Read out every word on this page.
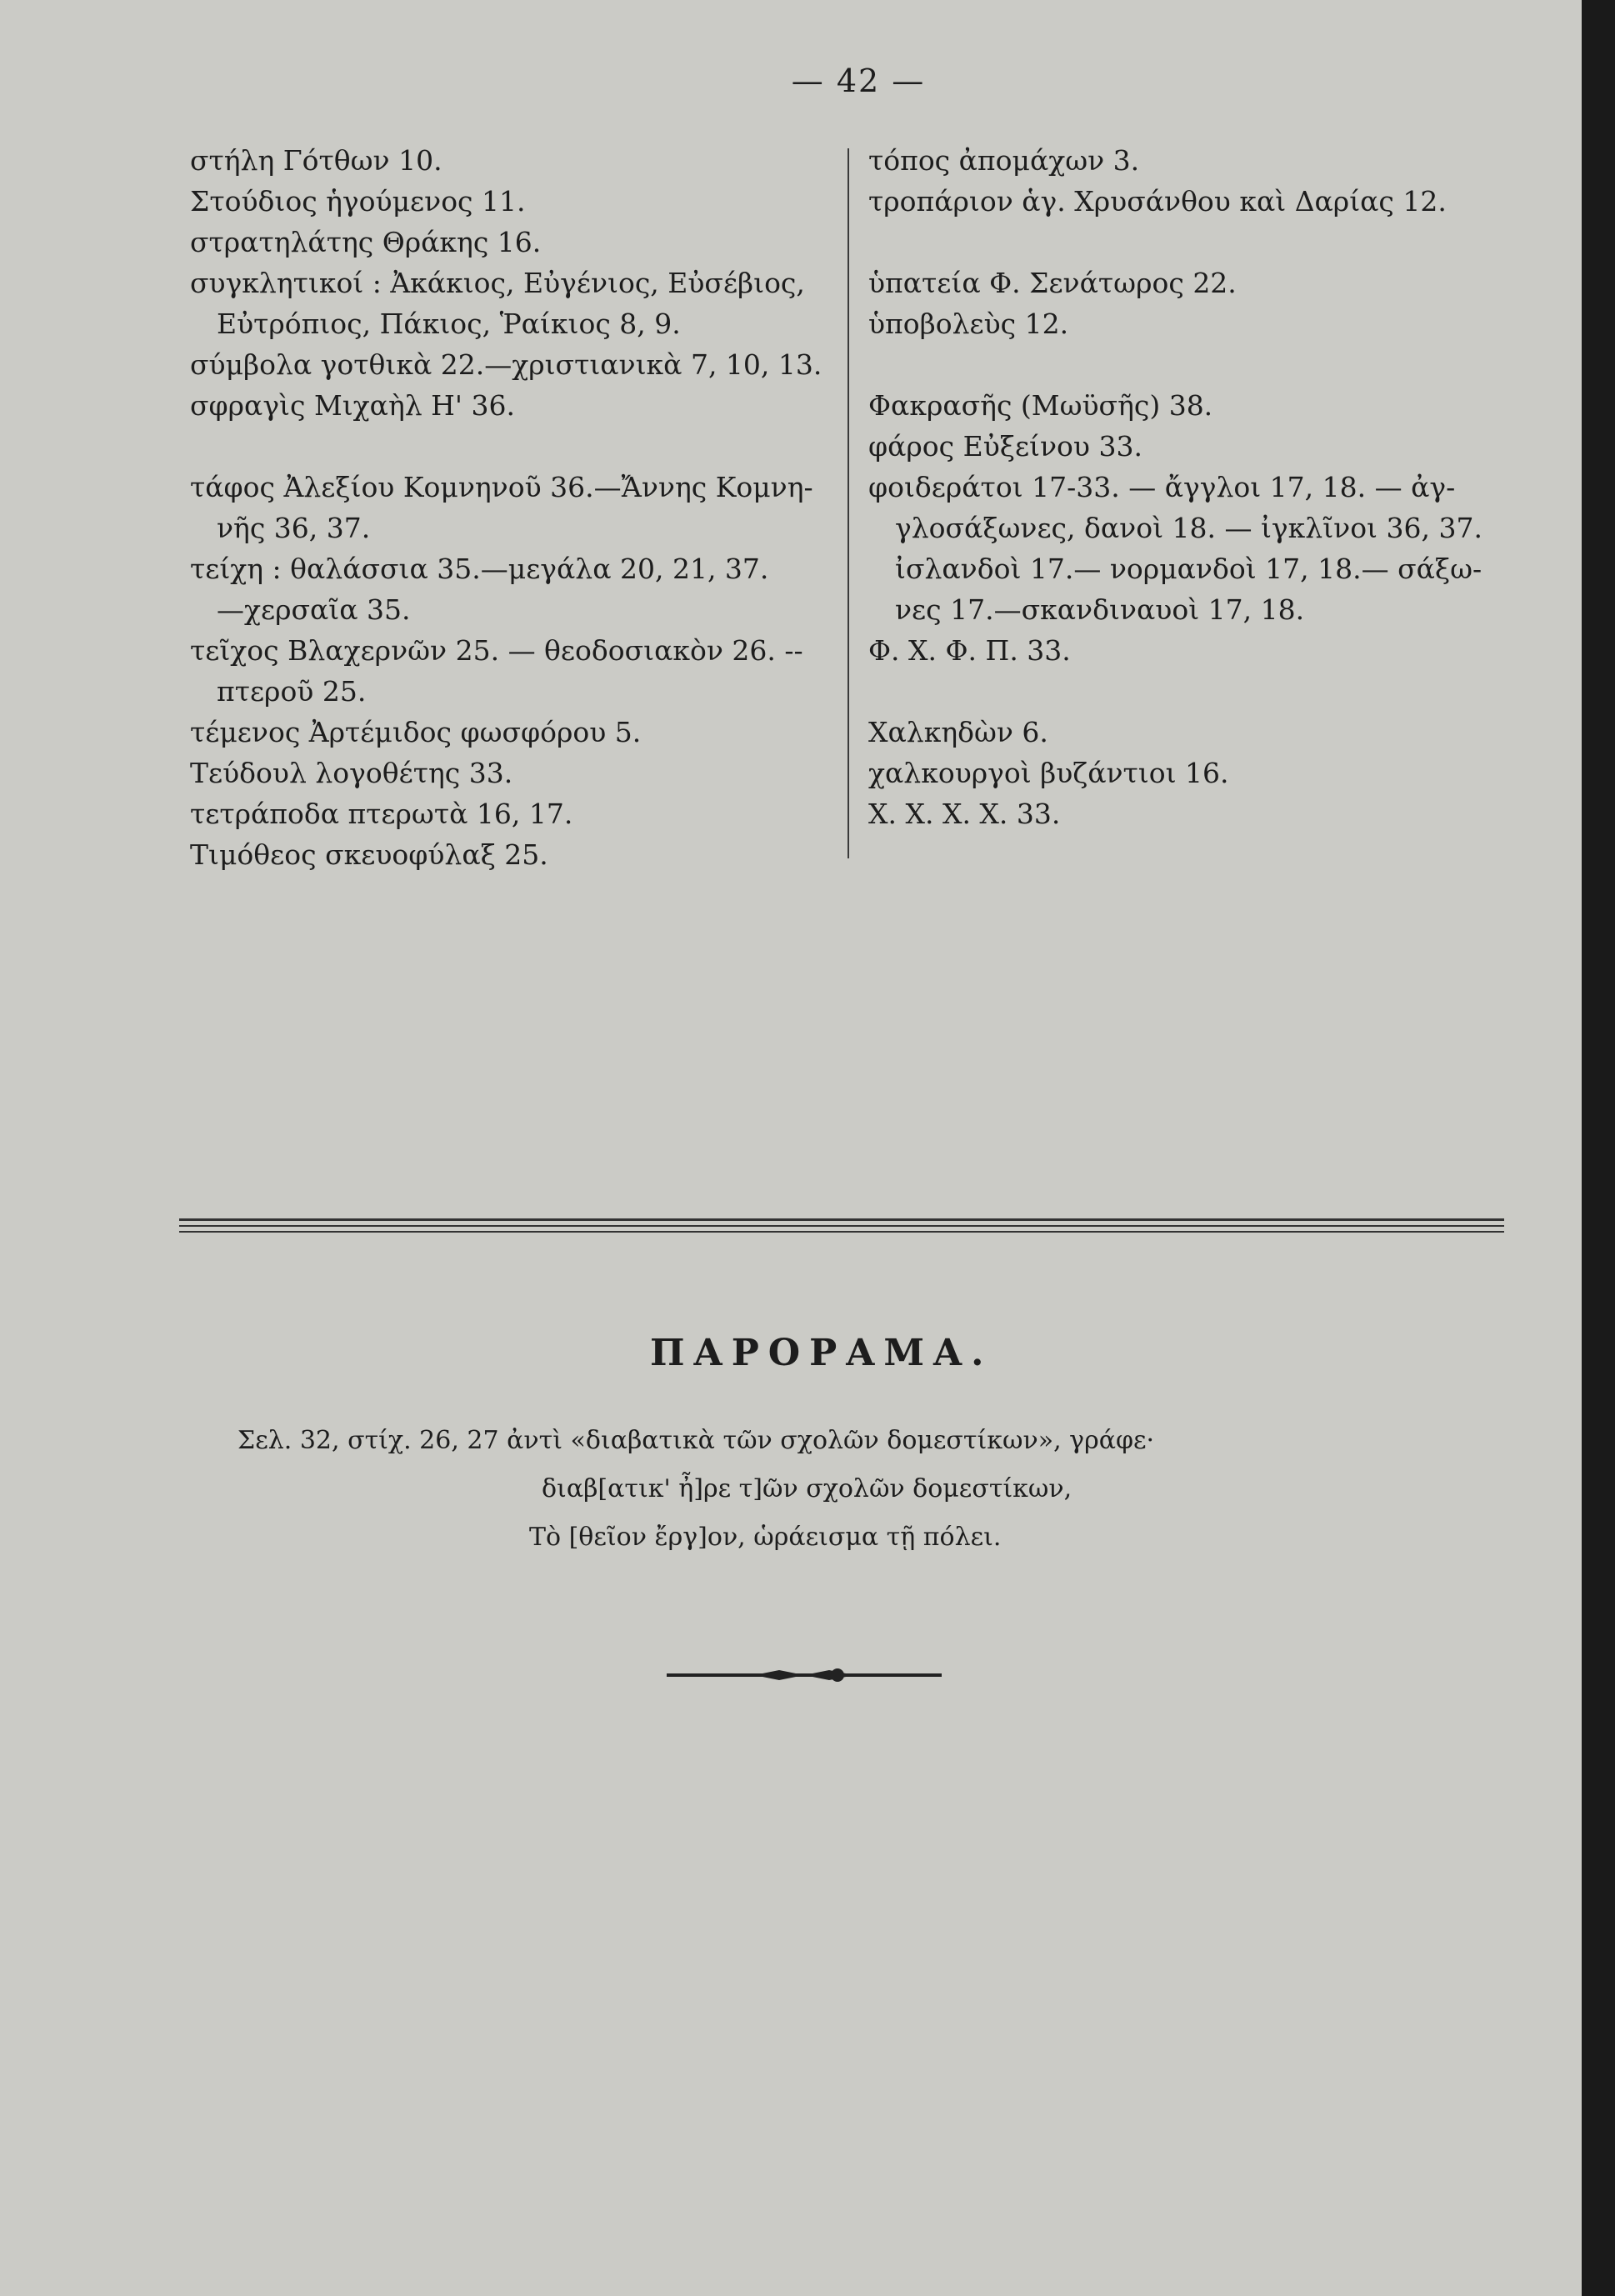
— 42 —
στήλη Γότθων 10.
Στούδιος ἡγούμενος 11.
στρατηλάτης Θράκης 16.
συγκλητικοί : Ἀκάκιος, Εὐγένιος, Εὐσέβιος,
Εὐτρόπιος, Πάκιος, Ῥαίκιος 8, 9.
σύμβολα γοτθικὰ 22.—χριστιανικὰ 7, 10, 13.
σφραγὶς Μιχαὴλ Η' 36.
τάφος Ἀλεξίου Κομνηνοῦ 36.—Ἄννης Κομνη-
νῆς 36, 37.
τείχη : θαλάσσια 35.—μεγάλα 20, 21, 37.
—χερσαῖα 35.
τεῖχος Βλαχερνῶν 25. — θεοδοσιακὸν 26. --
πτεροῦ 25.
τέμενος Ἀρτέμιδος φωσφόρου 5.
Τεύδουλ λογοθέτης 33.
τετράποδα πτερωτὰ 16, 17.
Τιμόθεος σκευοφύλαξ 25.
τόπος ἀπομάχων 3.
τροπάριον ἁγ. Χρυσάνθου καὶ Δαρίας 12.
ὑπατεία Φ. Σενάτωρος 22.
ὑποβολεὺς 12.
Φακρασῆς (Μωϋσῆς) 38.
φάρος Εὐξείνου 33.
φοιδεράτοι 17-33. — ἄγγλοι 17, 18. — ἀγ-
γλοσάξωνες, δανοὶ 18. — ἰγκλῖνοι 36, 37.
ἰσλανδοὶ 17.— νορμανδοὶ 17, 18.— σάξω-
νες 17.—σκανδιναυοὶ 17, 18.
Φ. Χ. Φ. Π. 33.
Χαλκηδὼν 6.
χαλκουργοὶ βυζάντιοι 16.
Χ. Χ. Χ. Χ. 33.
ΠΑΡΟΡΑΜΑ.
Σελ. 32, στίχ. 26, 27 ἀντὶ «διαβατικὰ τῶν σχολῶν δομεστίκων», γράφε·
διαβ[ατικ' ἦ]ρε τ]ῶν σχολῶν δομεστίκων,
Τὸ [θεῖον ἔργ]ον, ὡράεισμα τῇ πόλει.
